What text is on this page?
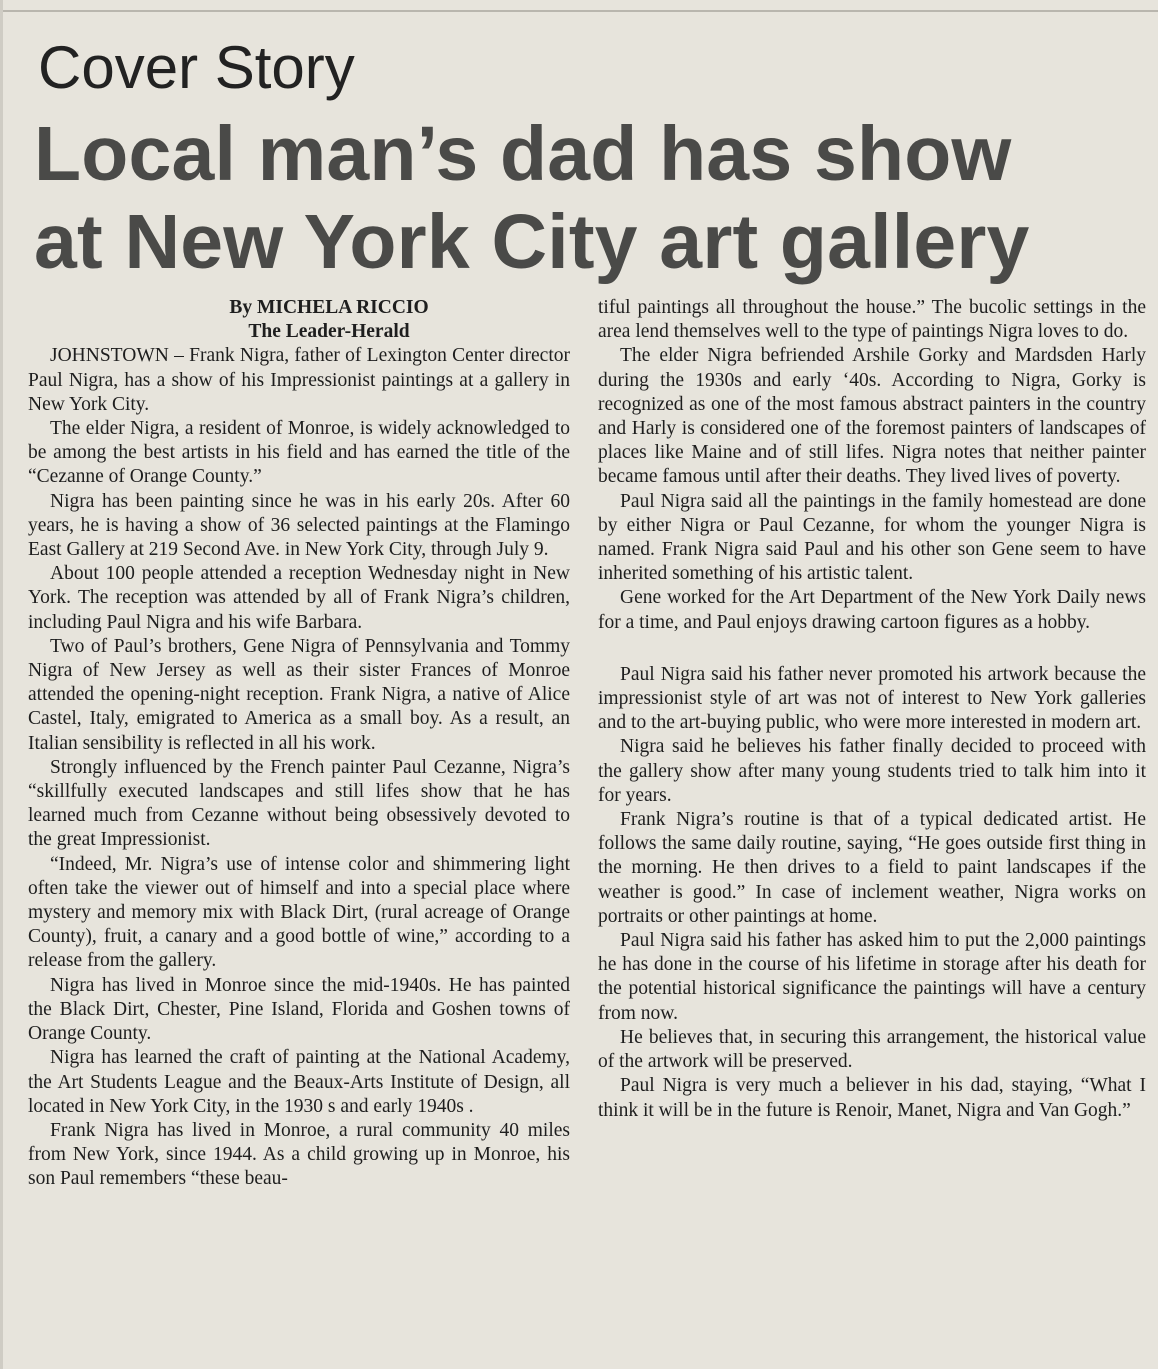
Cover Story
Local man’s dad has show
at New York City art gallery

By MICHELA RICCIO

The Leader-Herald

JOHNSTOWN – Frank Nigra, father of Lexington Center director Paul Nigra, has a show of his Impressionist paintings at a gallery in New York City.

The elder Nigra, a resident of Monroe, is widely acknowledged to be among the best artists in his field and has earned the title of the “Cezanne of Orange County.”

Nigra has been painting since he was in his early 20s. After 60 years, he is having a show of 36 selected paintings at the Flamingo East Gallery at 219 Second Ave. in New York City, through July 9.

About 100 people attended a reception Wednesday night in New York. The reception was attended by all of Frank Nigra’s children, including Paul Nigra and his wife Barbara.

Two of Paul’s brothers, Gene Nigra of Pennsylvania and Tommy Nigra of New Jersey as well as their sister Frances of Monroe attended the opening-night reception. Frank Nigra, a native of Alice Castel, Italy, emigrated to America as a small boy. As a result, an Italian sensibility is reflected in all his work.

Strongly influenced by the French painter Paul Cezanne, Nigra’s “skillfully executed landscapes and still lifes show that he has learned much from Cezanne without being obsessively devoted to the great Impressionist.

“Indeed, Mr. Nigra’s use of intense color and shimmering light often take the viewer out of himself and into a special place where mystery and memory mix with Black Dirt, (rural acreage of Orange County), fruit, a canary and a good bottle of wine,” according to a release from the gallery.

Nigra has lived in Monroe since the mid-1940s. He has painted the Black Dirt, Chester, Pine Island, Florida and Goshen towns of Orange County.

Nigra has learned the craft of painting at the National Academy, the Art Students League and the Beaux-Arts Institute of Design, all located in New York City, in the 1930 s and early 1940s .

Frank Nigra has lived in Monroe, a rural community 40 miles from New York, since 1944. As a child growing up in Monroe, his son Paul remembers “these beau-

tiful paintings all throughout the house.” The bucolic settings in the area lend themselves well to the type of paintings Nigra loves to do.

The elder Nigra befriended Arshile Gorky and Mardsden Harly during the 1930s and early ‘40s. According to Nigra, Gorky is recognized as one of the most famous abstract painters in the country and Harly is considered one of the foremost painters of landscapes of places like Maine and of still lifes. Nigra notes that neither painter became famous until after their deaths. They lived lives of poverty.

Paul Nigra said all the paintings in the family homestead are done by either Nigra or Paul Cezanne, for whom the younger Nigra is named. Frank Nigra said Paul and his other son Gene seem to have inherited something of his artistic talent.

Gene worked for the Art Department of the New York Daily news for a time, and Paul enjoys drawing cartoon figures as a hobby.

Paul Nigra said his father never promoted his artwork because the impressionist style of art was not of interest to New York galleries and to the art-buying public, who were more interested in modern art.

Nigra said he believes his father finally decided to proceed with the gallery show after many young students tried to talk him into it for years.

Frank Nigra’s routine is that of a typical dedicated artist. He follows the same daily routine, saying, “He goes outside first thing in the morning. He then drives to a field to paint landscapes if the weather is good.” In case of inclement weather, Nigra works on portraits or other paintings at home.

Paul Nigra said his father has asked him to put the 2,000 paintings he has done in the course of his lifetime in storage after his death for the potential historical significance the paintings will have a century from now.

He believes that, in securing this arrangement, the historical value of the artwork will be preserved.

Paul Nigra is very much a believer in his dad, staying, “What I think it will be in the future is Renoir, Manet, Nigra and Van Gogh.”
